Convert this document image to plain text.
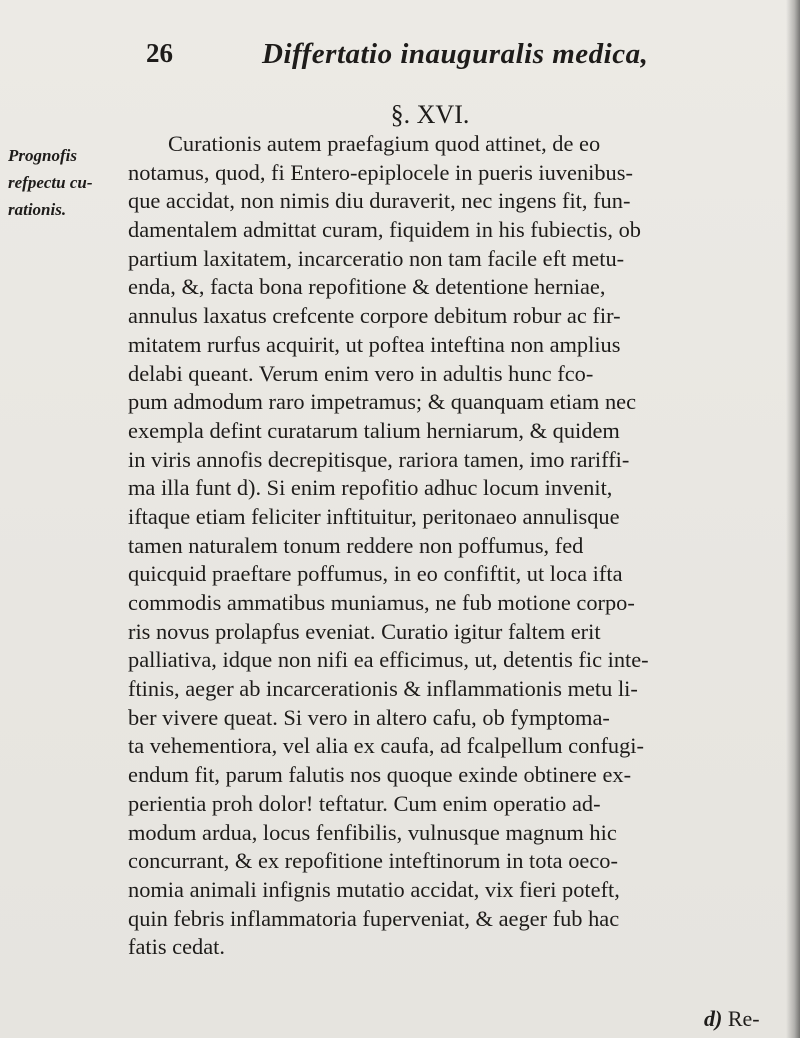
26	Differtatio inauguralis medica,
§. XVI.
Prognofis
refpectu cu-
rationis.
Curationis autem praefagium quod attinet, de eo
notamus, quod, fi Entero-epiplocele in pueris iuvenibus-
que accidat, non nimis diu duraverit, nec ingens fit, fun-
damentalem admittat curam, fiquidem in his fubiectis, ob
partium laxitatem, incarceratio non tam facile eft metu-
enda, &, facta bona repofitione & detentione herniae,
annulus laxatus crefcente corpore debitum robur ac fir-
mitatem rurfus acquirit, ut poftea inteftina non amplius
delabi queant. Verum enim vero in adultis hunc fco-
pum admodum raro impetramus; & quanquam etiam nec
exempla defint curatarum talium herniarum, & quidem
in viris annofis decrepitisque, rariora tamen, imo rariffi-
ma illa funt d). Si enim repofitio adhuc locum invenit,
iftaque etiam feliciter inftituitur, peritonaeo annulisque
tamen naturalem tonum reddere non poffumus, fed
quicquid praeftare poffumus, in eo confiftit, ut loca ifta
commodis ammatibus muniamus, ne fub motione corpo-
ris novus prolapfus eveniat. Curatio igitur faltem erit
palliativa, idque non nifi ea efficimus, ut, detentis fic inte-
ftinis, aeger ab incarcerationis & inflammationis metu li-
ber vivere queat. Si vero in altero cafu, ob fymptoma-
ta vehementiora, vel alia ex caufa, ad fcalpellum confugi-
endum fit, parum falutis nos quoque exinde obtinere ex-
perientia proh dolor! teftatur. Cum enim operatio ad-
modum ardua, locus fenfibilis, vulnusque magnum hic
concurrant, & ex repofitione inteftinorum in tota oeco-
nomia animali infignis mutatio accidat, vix fieri poteft,
quin febris inflammatoria fuperveniat, & aeger fub hac
fatis cedat.
d) Re-
